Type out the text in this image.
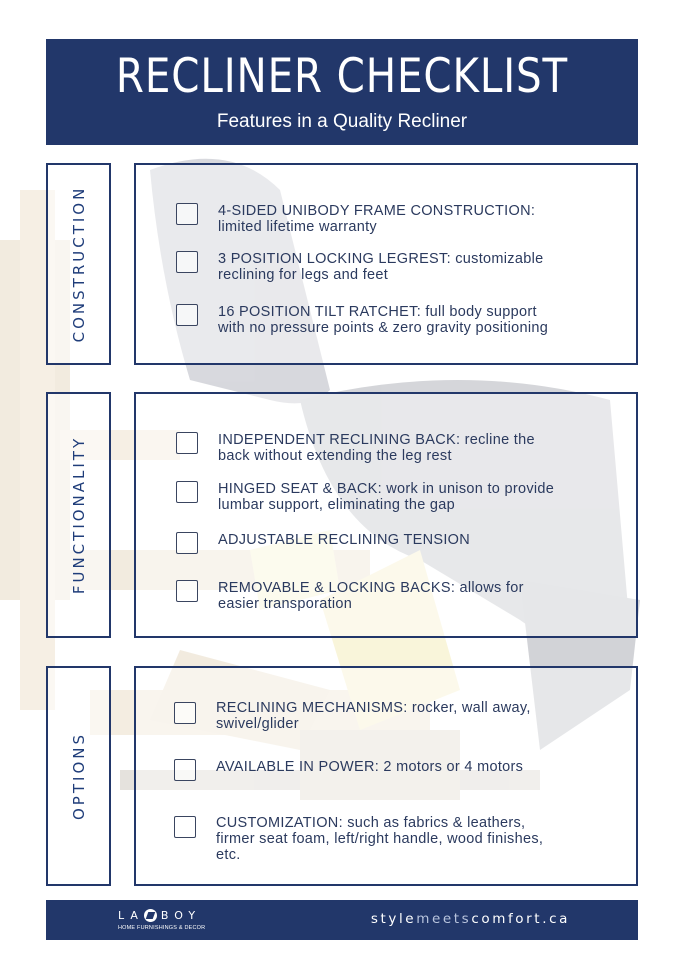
RECLINER CHECKLIST
Features in a Quality Recliner
CONSTRUCTION	4-SIDED UNIBODY FRAME CONSTRUCTION:
limited lifetime warranty
3 POSITION LOCKING LEGREST: customizable
reclining for legs and feet
16 POSITION TILT RATCHET: full body support
with no pressure points & zero gravity positioning
FUNCTIONALITY	INDEPENDENT RECLINING BACK: recline the
back without extending the leg rest
HINGED SEAT & BACK: work in unison to provide
lumbar support, eliminating the gap
ADJUSTABLE RECLINING TENSION
REMOVABLE & LOCKING BACKS: allows for
easier transporation
OPTIONS
RECLINING MECHANISMS: rocker, wall away,
swivel/glider
AVAILABLE IN POWER: 2 motors or 4 motors
CUSTOMIZATION: such as fabrics & leathers,
firmer seat foam, left/right handle, wood finishes,
etc.
LA BOY
HOME FURNISHINGS & DECOR
stylemeetscomfort.ca
